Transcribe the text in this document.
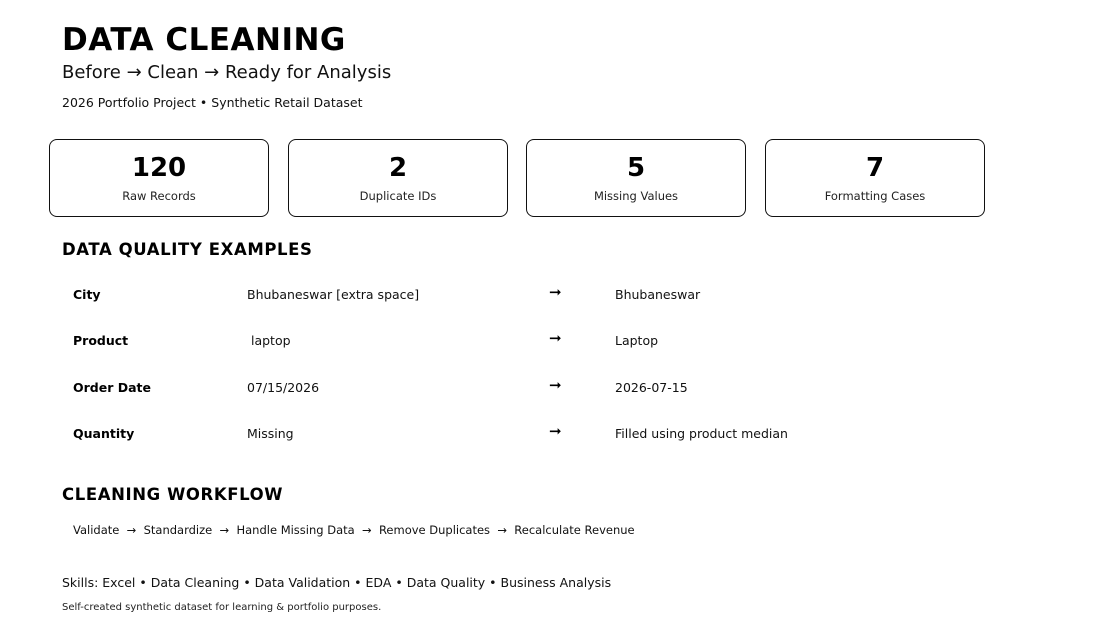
DATA CLEANING
Before → Clean → Ready for Analysis
2026 Portfolio Project • Synthetic Retail Dataset
120
Raw Records
2
Duplicate IDs
5
Missing Values
7
Formatting Cases
DATA QUALITY EXAMPLES
City	Bhubaneswar [extra space]	➞	Bhubaneswar
Product	laptop	➞	Laptop
Order Date	07/15/2026	➞	2026-07-15
Quantity	Missing	➞	Filled using product median
CLEANING WORKFLOW
Validate  →  Standardize  →  Handle Missing Data  →  Remove Duplicates  →  Recalculate Revenue
Skills: Excel • Data Cleaning • Data Validation • EDA • Data Quality • Business Analysis
Self-created synthetic dataset for learning & portfolio purposes.
